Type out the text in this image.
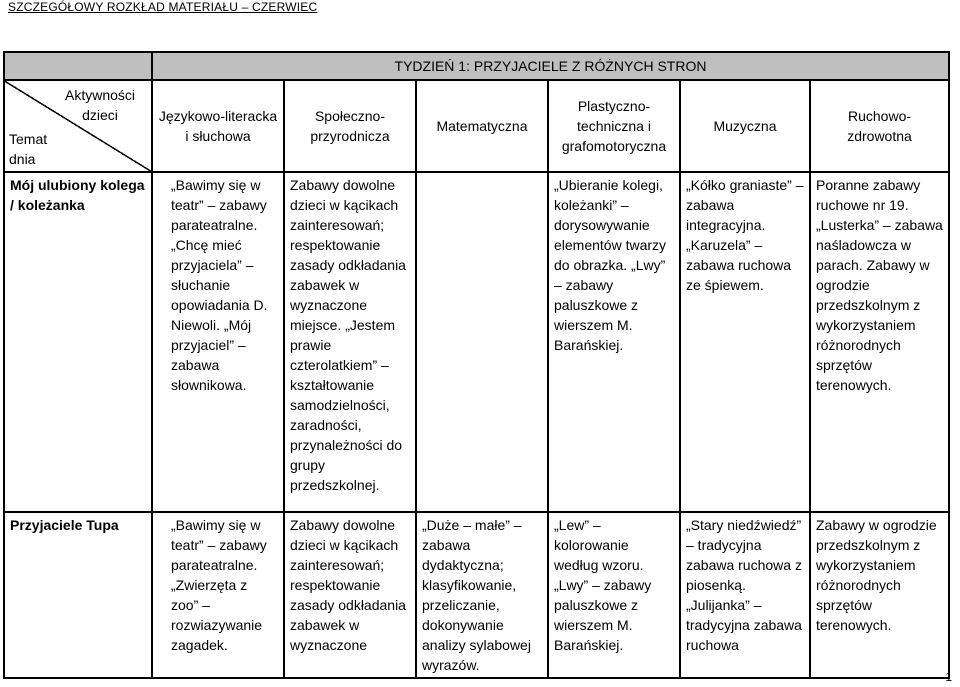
SZCZEGÓŁOWY ROZKŁAD MATERIAŁU – CZERWIEC
	TYDZIEŃ 1: PRZYJACIELE Z RÓŻNYCH STRON					

Aktywności dzieci
Temat dnia	Językowo-literacka i słuchowa	Społeczno-przyrodnicza	Matematyczna	Plastyczno-techniczna i grafomotoryczna	Muzyczna	Ruchowo-zdrowotna
Mój ulubiony kolega / koleżanka	„Bawimy się w teatr” – zabawy parateatralne. „Chcę mieć przyjaciela” – słuchanie opowiadania D. Niewoli. „Mój przyjaciel” – zabawa słownikowa.	Zabawy dowolne dzieci w kącikach zainteresowań; respektowanie zasady odkładania zabawek w wyznaczone miejsce. „Jestem prawie czterolatkiem” – kształtowanie samodzielności, zaradności, przynależności do grupy przedszkolnej.		„Ubieranie kolegi, koleżanki” – dorysowywanie elementów twarzy do obrazka. „Lwy” – zabawy paluszkowe z wierszem M. Barańskiej.	„Kółko graniaste” – zabawa integracyjna. „Karuzela” – zabawa ruchowa ze śpiewem.	Poranne zabawy ruchowe nr 19. „Lusterka” – zabawa naśladowcza w parach. Zabawy w ogrodzie przedszkolnym z wykorzystaniem różnorodnych sprzętów terenowych.
Przyjaciele Tupa	„Bawimy się w teatr” – zabawy parateatralne. „Zwierzęta z zoo” – rozwiazywanie zagadek.	Zabawy dowolne dzieci w kącikach zainteresowań; respektowanie zasady odkładania zabawek w wyznaczone	„Duże – małe” – zabawa dydaktyczna; klasyfikowanie, przeliczanie, dokonywanie analizy sylabowej wyrazów.	„Lew” – kolorowanie według wzoru. „Lwy” – zabawy paluszkowe z wierszem M. Barańskiej.	„Stary niedźwiedź” – tradycyjna zabawa ruchowa z piosenką. „Julijanka” – tradycyjna zabawa ruchowa	Zabawy w ogrodzie przedszkolnym z wykorzystaniem różnorodnych sprzętów terenowych.
1
